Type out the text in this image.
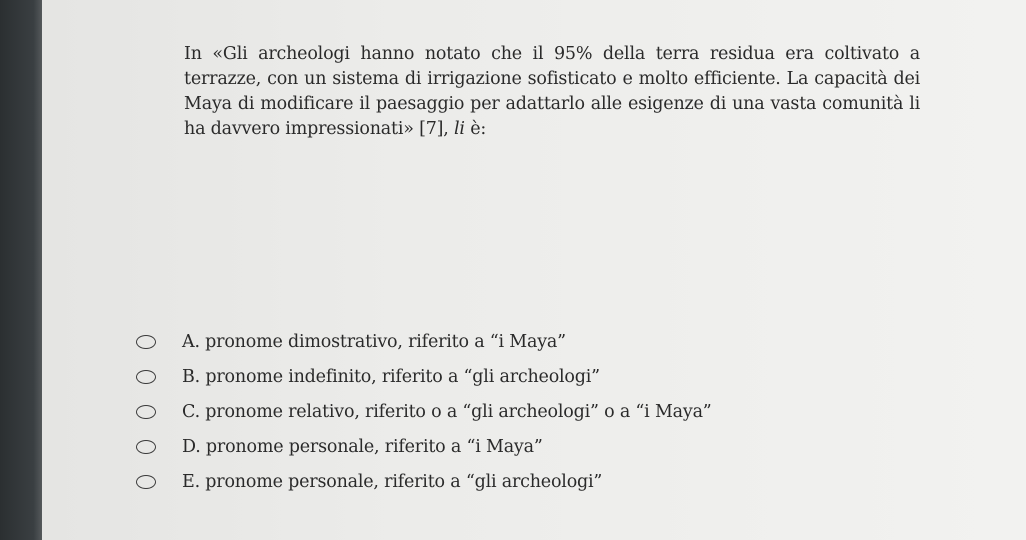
In «Gli archeologi hanno notato che il 95% della terra residua era coltivato a terrazze, con un sistema di irrigazione sofisticato e molto efficiente. La capacità dei Maya di modificare il paesaggio per adattarlo alle esigenze di una vasta comunità li ha davvero impressionati» [7], li è:
A. pronome dimostrativo, riferito a “i Maya”
B. pronome indefinito, riferito a “gli archeologi”
C. pronome relativo, riferito o a “gli archeologi” o a “i Maya”
D. pronome personale, riferito a “i Maya”
E. pronome personale, riferito a “gli archeologi”
